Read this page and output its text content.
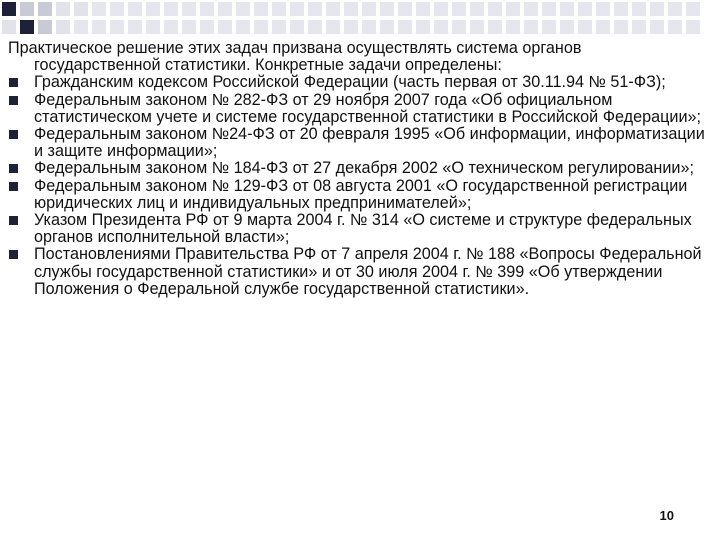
Практическое решение этих задач призвана осуществлять система органов государственной статистики. Конкретные задачи определены:

Гражданским кодексом Российской Федерации (часть первая от 30.11.94 № 51-ФЗ);
Федеральным законом № 282-ФЗ от 29 ноября 2007 года «Об официальном статистическом учете и системе государственной статистики в Российской Федерации»;
Федеральным законом №24-ФЗ от 20 февраля 1995 «Об информации, информатизации и защите информации»;
Федеральным законом № 184-ФЗ от 27 декабря 2002 «О техническом регулировании»;
Федеральным законом № 129-ФЗ от 08 августа 2001 «О государственной регистрации юридических лиц и индивидуальных предпринимателей»;
Указом Президента РФ от 9 марта 2004 г. № 314 «О системе и структуре федеральных органов исполнительной власти»;
Постановлениями Правительства РФ от 7 апреля 2004 г. № 188 «Вопросы Федеральной службы государственной статистики» и от 30 июля 2004 г. № 399 «Об утверждении Положения о Федеральной службе государственной статистики».
10
